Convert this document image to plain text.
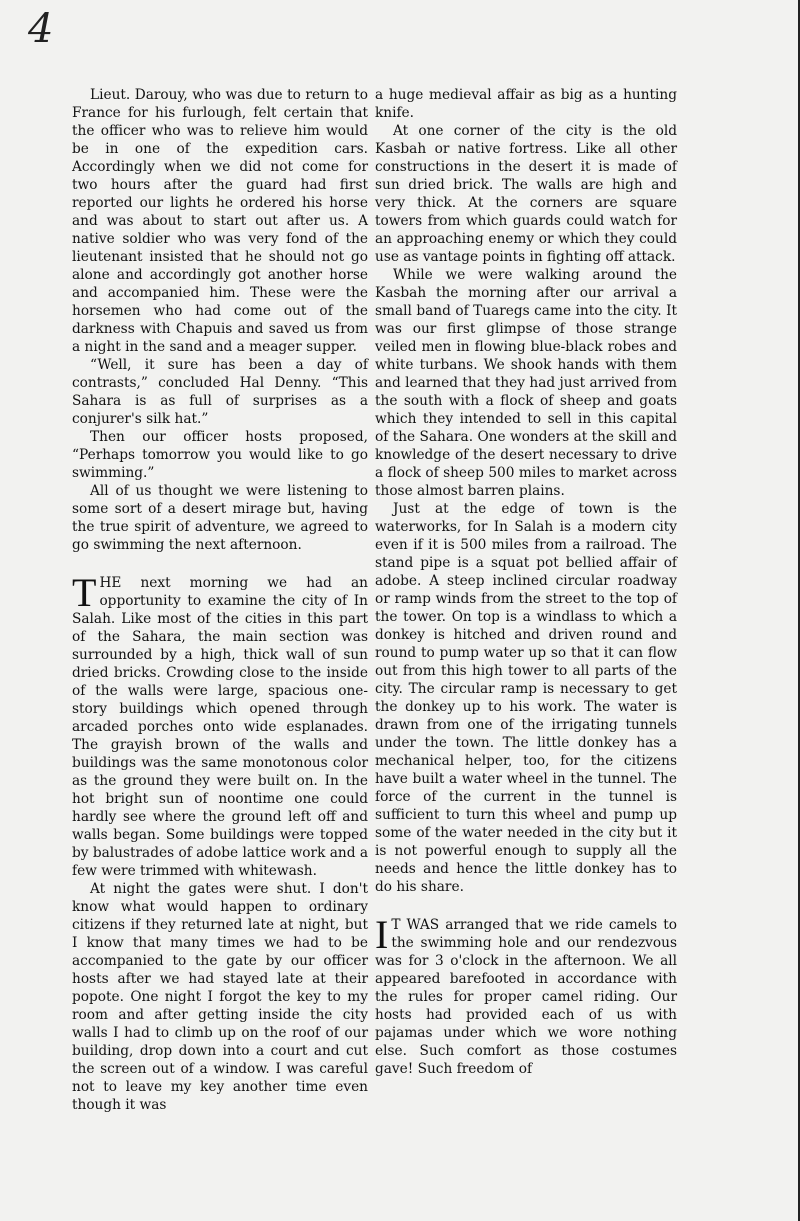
4

Lieut. Darouy, who was due to return to France for his furlough, felt certain that the officer who was to relieve him would be in one of the expedition cars. Accordingly when we did not come for two hours after the guard had first reported our lights he ordered his horse and was about to start out after us. A native soldier who was very fond of the lieutenant insisted that he should not go alone and accordingly got another horse and accompanied him. These were the horsemen who had come out of the darkness with Chapuis and saved us from a night in the sand and a meager supper.

“Well, it sure has been a day of contrasts,” concluded Hal Denny. “This Sahara is as full of surprises as a conjurer's silk hat.”

Then our officer hosts proposed, “Perhaps tomorrow you would like to go swimming.”

All of us thought we were listening to some sort of a desert mirage but, having the true spirit of adventure, we agreed to go swimming the next afternoon.

THE next morning we had an opportunity to examine the city of In Salah. Like most of the cities in this part of the Sahara, the main section was surrounded by a high, thick wall of sun dried bricks. Crowding close to the inside of the walls were large, spacious one-story buildings which opened through arcaded porches onto wide esplanades. The grayish brown of the walls and buildings was the same monotonous color as the ground they were built on. In the hot bright sun of noontime one could hardly see where the ground left off and walls began. Some buildings were topped by balustrades of adobe lattice work and a few were trimmed with whitewash.

At night the gates were shut. I don't know what would happen to ordinary citizens if they returned late at night, but I know that many times we had to be accompanied to the gate by our officer hosts after we had stayed late at their popote. One night I forgot the key to my room and after getting inside the city walls I had to climb up on the roof of our building, drop down into a court and cut the screen out of a window. I was careful not to leave my key another time even though it was

a huge medieval affair as big as a hunting knife.

At one corner of the city is the old Kasbah or native fortress. Like all other constructions in the desert it is made of sun dried brick. The walls are high and very thick. At the corners are square towers from which guards could watch for an approaching enemy or which they could use as vantage points in fighting off attack.

While we were walking around the Kasbah the morning after our arrival a small band of Tuaregs came into the city. It was our first glimpse of those strange veiled men in flowing blue-black robes and white turbans. We shook hands with them and learned that they had just arrived from the south with a flock of sheep and goats which they intended to sell in this capital of the Sahara. One wonders at the skill and knowledge of the desert necessary to drive a flock of sheep 500 miles to market across those almost barren plains.

Just at the edge of town is the waterworks, for In Salah is a modern city even if it is 500 miles from a railroad. The stand pipe is a squat pot bellied affair of adobe. A steep inclined circular roadway or ramp winds from the street to the top of the tower. On top is a windlass to which a donkey is hitched and driven round and round to pump water up so that it can flow out from this high tower to all parts of the city. The circular ramp is necessary to get the donkey up to his work. The water is drawn from one of the irrigating tunnels under the town. The little donkey has a mechanical helper, too, for the citizens have built a water wheel in the tunnel. The force of the current in the tunnel is sufficient to turn this wheel and pump up some of the water needed in the city but it is not powerful enough to supply all the needs and hence the little donkey has to do his share.

I T WAS arranged that we ride camels to the swimming hole and our rendezvous was for 3 o'clock in the afternoon. We all appeared barefooted in accordance with the rules for proper camel riding. Our hosts had provided each of us with pajamas under which we wore nothing else. Such comfort as those costumes gave! Such freedom of
